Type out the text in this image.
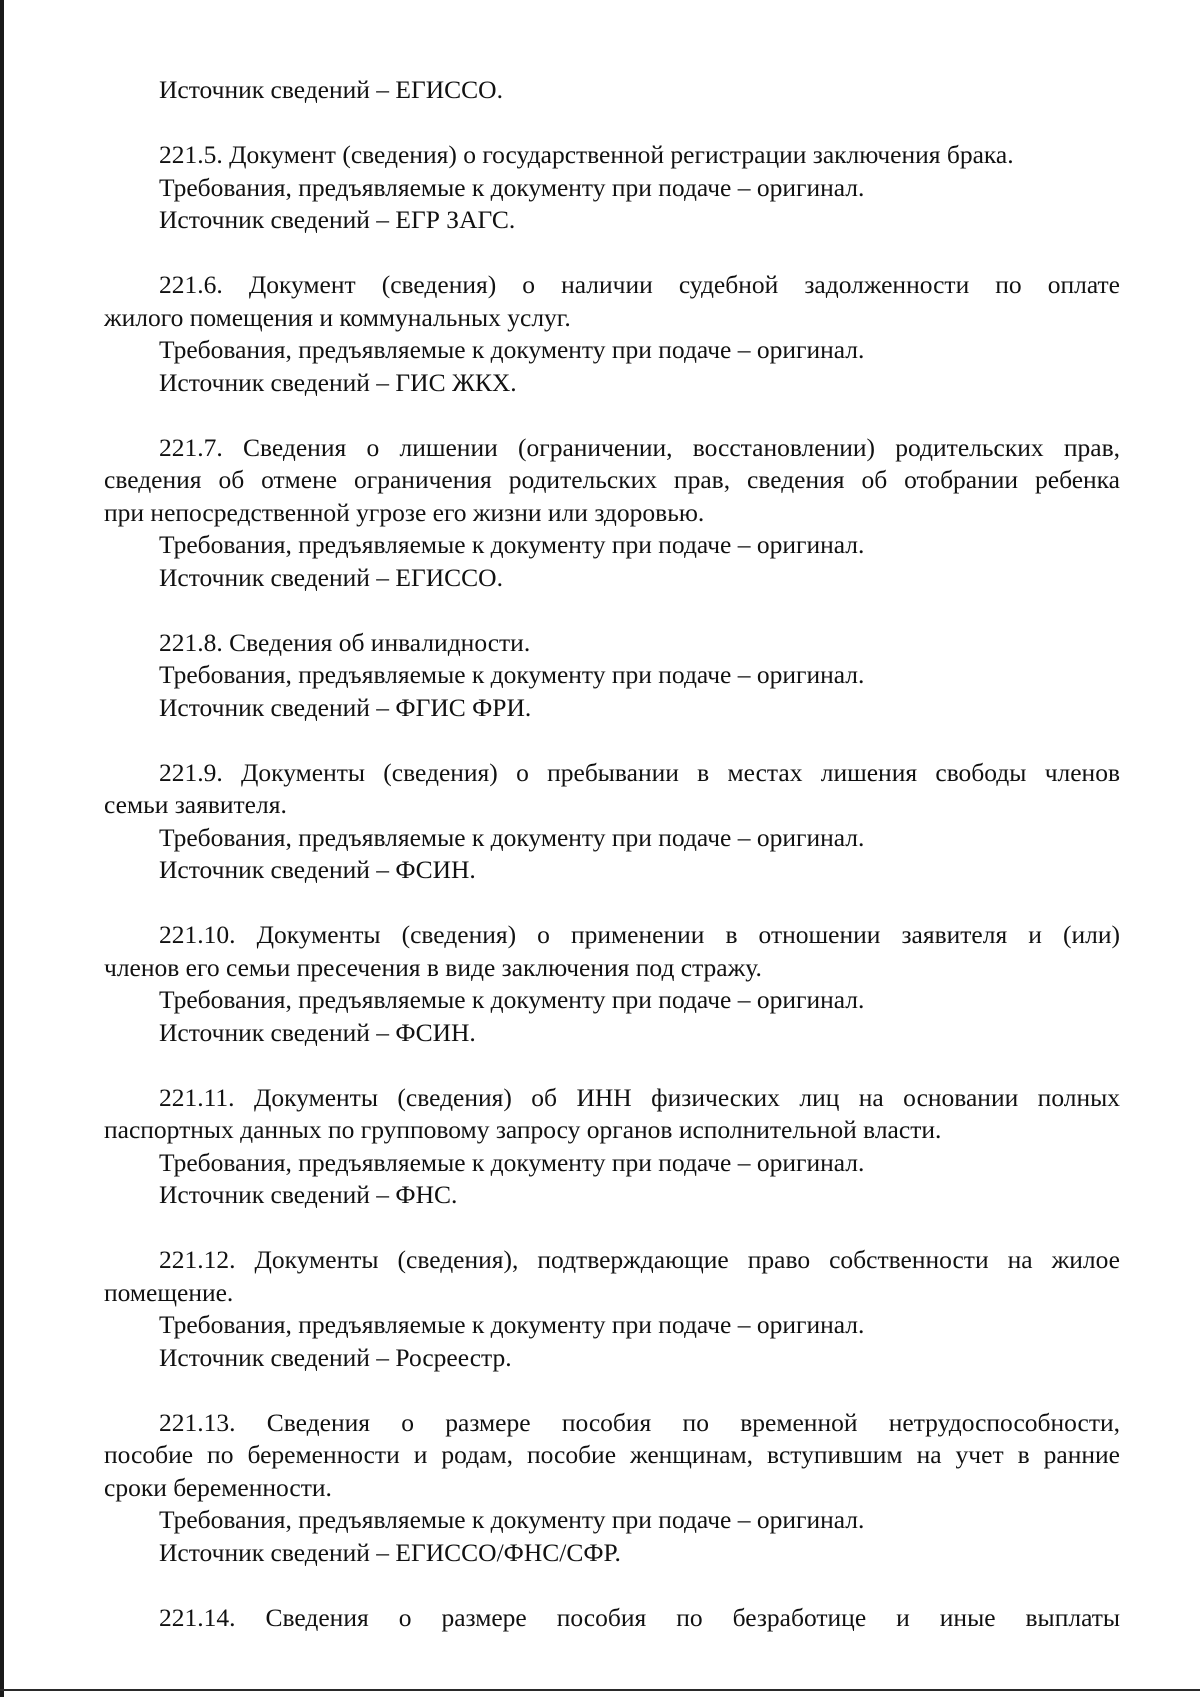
Источник сведений – ЕГИССО.
221.5. Документ (сведения) о государственной регистрации заключения брака.
Требования, предъявляемые к документу при подаче – оригинал.
Источник сведений – ЕГР ЗАГС.
221.6. Документ (сведения) о наличии судебной задолженности по оплате
жилого помещения и коммунальных услуг.
Требования, предъявляемые к документу при подаче – оригинал.
Источник сведений – ГИС ЖКХ.
221.7. Сведения о лишении (ограничении, восстановлении) родительских прав,
сведения об отмене ограничения родительских прав, сведения об отобрании ребенка
при непосредственной угрозе его жизни или здоровью.
Требования, предъявляемые к документу при подаче – оригинал.
Источник сведений – ЕГИССО.
221.8. Сведения об инвалидности.
Требования, предъявляемые к документу при подаче – оригинал.
Источник сведений – ФГИС ФРИ.
221.9. Документы (сведения) о пребывании в местах лишения свободы членов
семьи заявителя.
Требования, предъявляемые к документу при подаче – оригинал.
Источник сведений – ФСИН.
221.10. Документы (сведения) о применении в отношении заявителя и (или)
членов его семьи пресечения в виде заключения под стражу.
Требования, предъявляемые к документу при подаче – оригинал.
Источник сведений – ФСИН.
221.11. Документы (сведения) об ИНН физических лиц на основании полных
паспортных данных по групповому запросу органов исполнительной власти.
Требования, предъявляемые к документу при подаче – оригинал.
Источник сведений – ФНС.
221.12. Документы (сведения), подтверждающие право собственности на жилое
помещение.
Требования, предъявляемые к документу при подаче – оригинал.
Источник сведений – Росреестр.
221.13. Сведения о размере пособия по временной нетрудоспособности,
пособие по беременности и родам, пособие женщинам, вступившим на учет в ранние
сроки беременности.
Требования, предъявляемые к документу при подаче – оригинал.
Источник сведений – ЕГИССО/ФНС/СФР.
221.14. Сведения о размере пособия по безработице и иные выплаты
